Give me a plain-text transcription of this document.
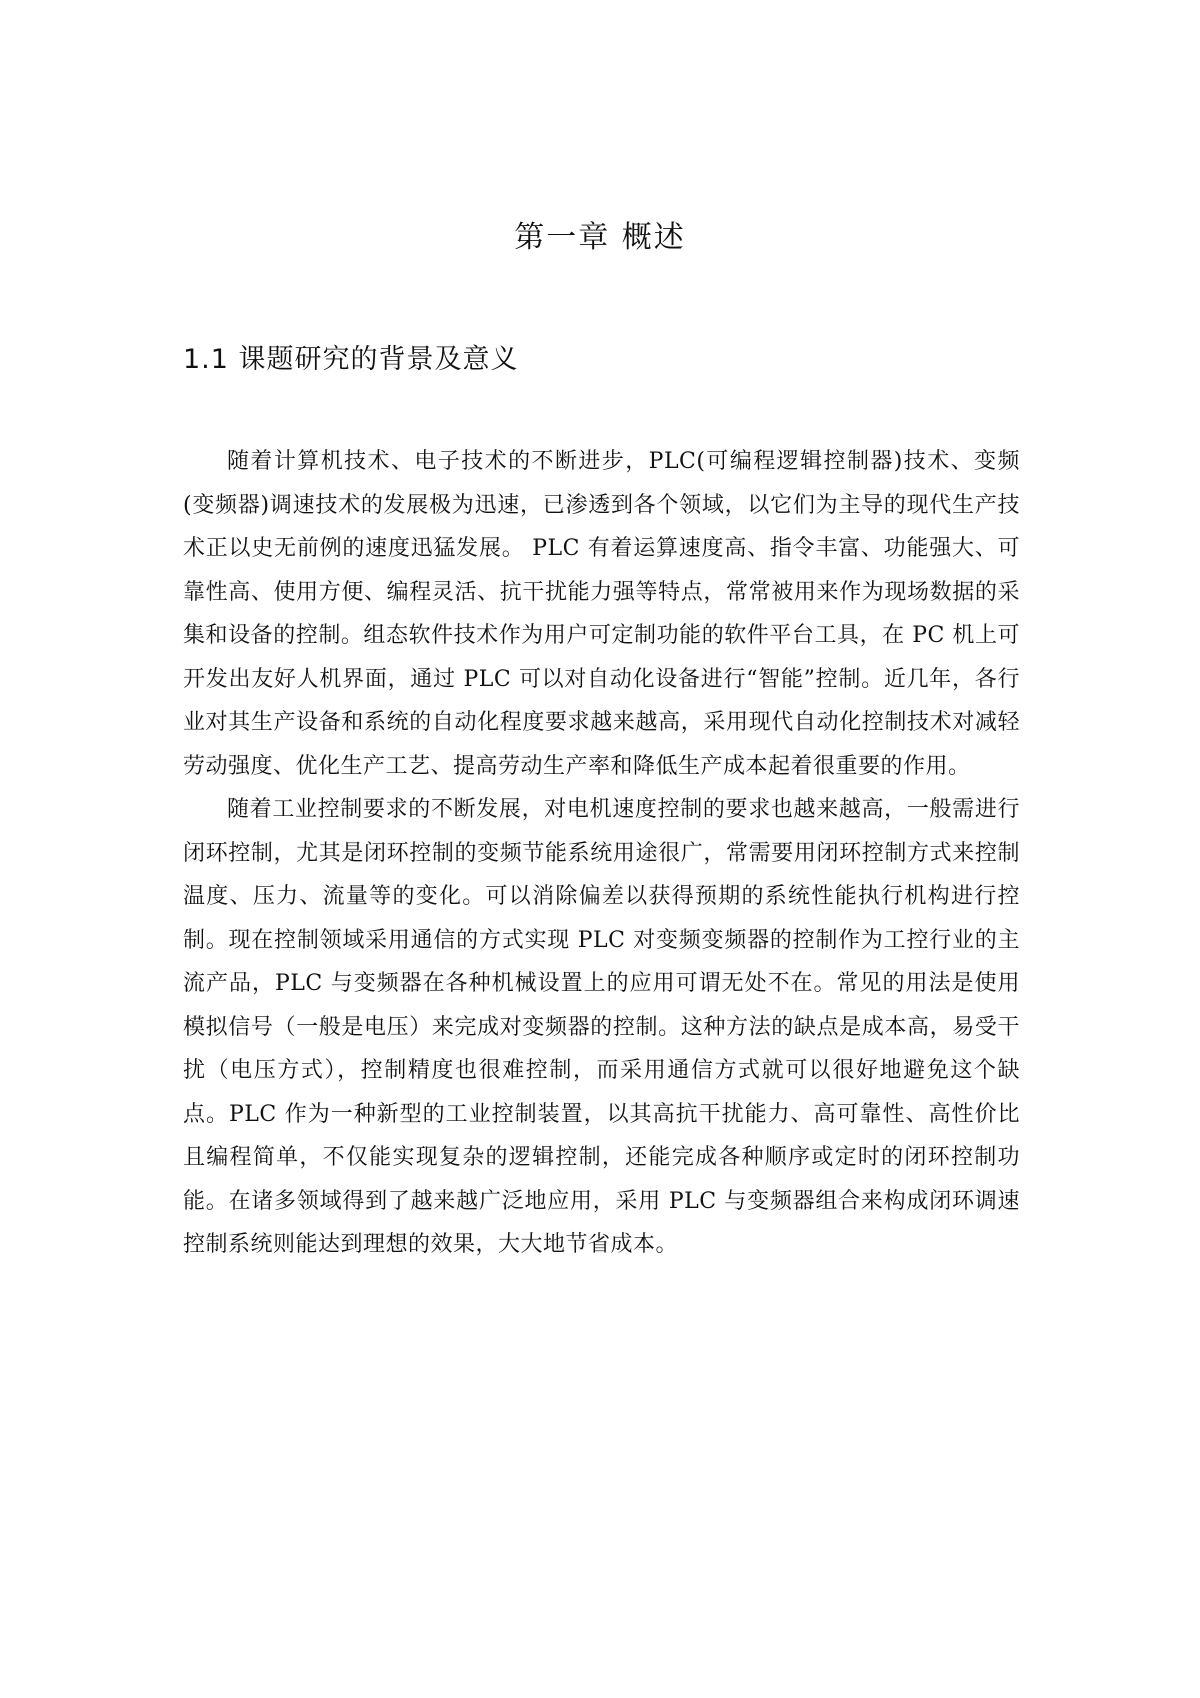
第一章 概述
1.1 课题研究的背景及意义

随着计算机技术、电子技术的不断进步，PLC(可编程逻辑控制器)技术、变频(变频器)调速技术的发展极为迅速，已渗透到各个领域，以它们为主导的现代生产技术正以史无前例的速度迅猛发展。 PLC 有着运算速度高、指令丰富、功能强大、可靠性高、使用方便、编程灵活、抗干扰能力强等特点，常常被用来作为现场数据的采集和设备的控制。组态软件技术作为用户可定制功能的软件平台工具，在 PC 机上可开发出友好人机界面，通过 PLC 可以对自动化设备进行“智能”控制。近几年，各行业对其生产设备和系统的自动化程度要求越来越高，采用现代自动化控制技术对减轻劳动强度、优化生产工艺、提高劳动生产率和降低生产成本起着很重要的作用。

随着工业控制要求的不断发展，对电机速度控制的要求也越来越高，一般需进行闭环控制，尤其是闭环控制的变频节能系统用途很广，常需要用闭环控制方式来控制温度、压力、流量等的变化。可以消除偏差以获得预期的系统性能执行机构进行控制。现在控制领域采用通信的方式实现 PLC 对变频变频器的控制作为工控行业的主流产品，PLC 与变频器在各种机械设置上的应用可谓无处不在。常见的用法是使用模拟信号（一般是电压）来完成对变频器的控制。这种方法的缺点是成本高，易受干扰（电压方式），控制精度也很难控制，而采用通信方式就可以很好地避免这个缺点。PLC 作为一种新型的工业控制装置，以其高抗干扰能力、高可靠性、高性价比且编程简单，不仅能实现复杂的逻辑控制，还能完成各种顺序或定时的闭环控制功能。在诸多领域得到了越来越广泛地应用，采用 PLC 与变频器组合来构成闭环调速控制系统则能达到理想的效果，大大地节省成本。
